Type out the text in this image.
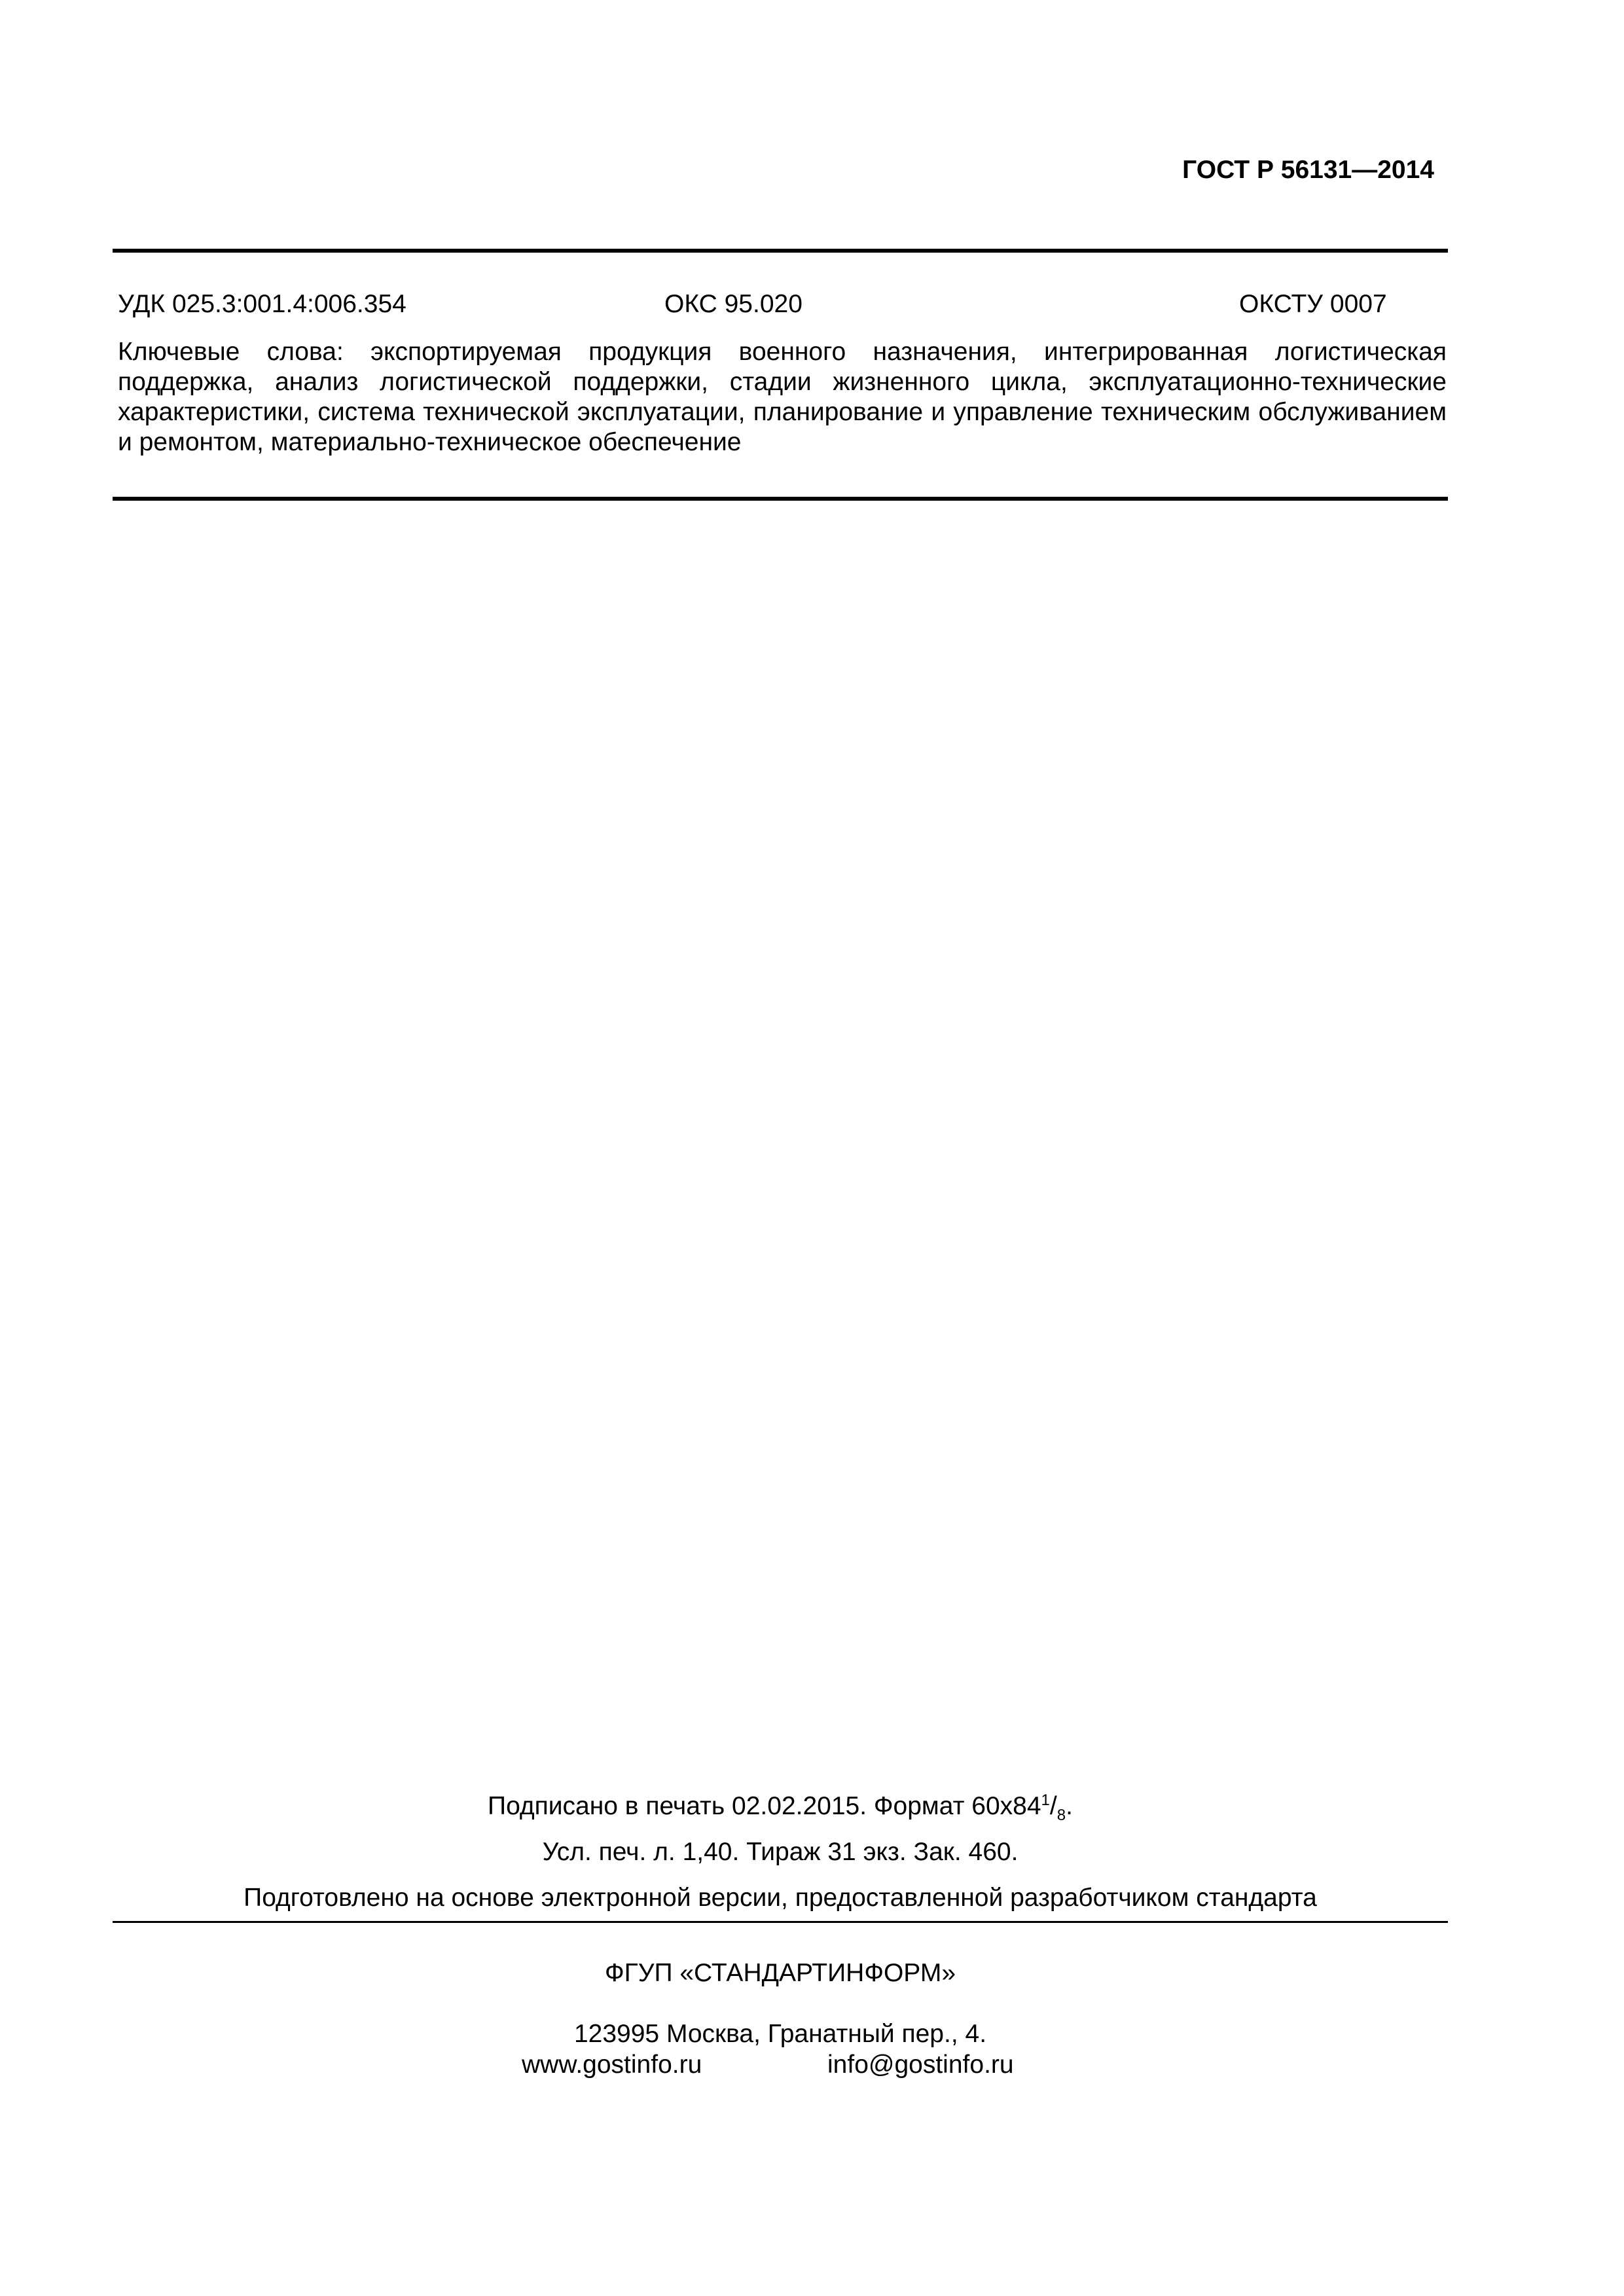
ГОСТ Р 56131—2014
УДК 025.3:001.4:006.354	ОКС 95.020	ОКСТУ 0007
Ключевые слова: экспортируемая продукция военного назначения, интегрированная логистическая поддержка, анализ логистической поддержки, стадии жизненного цикла, эксплуатационно-технические характеристики, система технической эксплуатации, планирование и управление техническим обслуживанием и ремонтом, материально-техническое обеспечение
Подписано в печать 02.02.2015. Формат $60x84^1/_8$.
Усл. печ. л. 1,40. Тираж 31 экз. Зак. 460.
Подготовлено на основе электронной версии, предоставленной разработчиком стандарта
ФГУП «СТАНДАРТИНФОРМ»
123995 Москва, Гранатный пер., 4.
www.gostinfo.ru	info@gostinfo.ru
